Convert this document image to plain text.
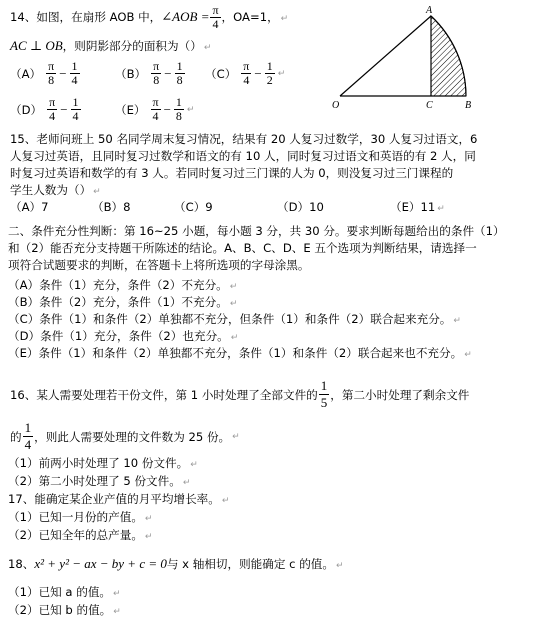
14、如图，在扇形 AOB 中，∠AOB = $\frac{\pi}{4}$ ，OA=1， ↵
AC ⊥ OB，则阴影部分的面积为（） ↵
$(A) \frac{\pi}{8} - \frac{1}{4}$	$(B) \frac{\pi}{8} - \frac{1}{8} (C) \frac{\pi}{4} - \frac{1}{2}$ ↵
$(D) \frac{\pi}{4} - \frac{1}{4}$	$(E) \frac{\pi}{4} - \frac{1}{8}$ ↵
A
O	C	B
15、老师问班上 50 名同学周末复习情况，结果有 20 人复习过数学，30 人复习过语文，6
人复习过英语，且同时复习过数学和语文的有 10 人，同时复习过语文和英语的有 2 人，同
时复习过英语和数学的有 3 人。若同时复习过三门课的人为 0，则没复习过三门课程的
学生人数为（） ↵
（A）7	（B）8	（C）9	（D）10	（E）11 ↵
二、条件充分性判断：第 16~25 小题，每小题 3 分，共 30 分。要求判断每题给出的条件（1）
和（2）能否充分支持题干所陈述的结论。A、B、C、D、E 五个选项为判断结果，请选择一
项符合试题要求的判断，在答题卡上将所选项的字母涂黑。
（A）条件（1）充分，条件（2）不充分。 ↵
（B）条件（2）充分，条件（1）不充分。 ↵
（C）条件（1）和条件（2）单独都不充分，但条件（1）和条件（2）联合起来充分。 ↵
（D）条件（1）充分，条件（2）也充分。 ↵
（E）条件（1）和条件（2）单独都不充分，条件（1）和条件（2）联合起来也不充分。 ↵
16、某人需要处理若干份文件，第 1 小时处理了全部文件的 $\frac{1}{5}$ ，第二小时处理了剩余文件
的 $\frac{1}{4}$ ，则此人需要处理的文件数为 25 份。 ↵
（1）前两小时处理了 10 份文件。 ↵
（2）第二小时处理了 5 份文件。 ↵
17、能确定某企业产值的月平均增长率。 ↵
（1）已知一月份的产值。 ↵
（2）已知全年的总产量。 ↵
18、x² + y² − ax − by + c = 0与 x 轴相切，则能确定 c 的值。 ↵
（1）已知 a 的值。 ↵
（2）已知 b 的值。 ↵
